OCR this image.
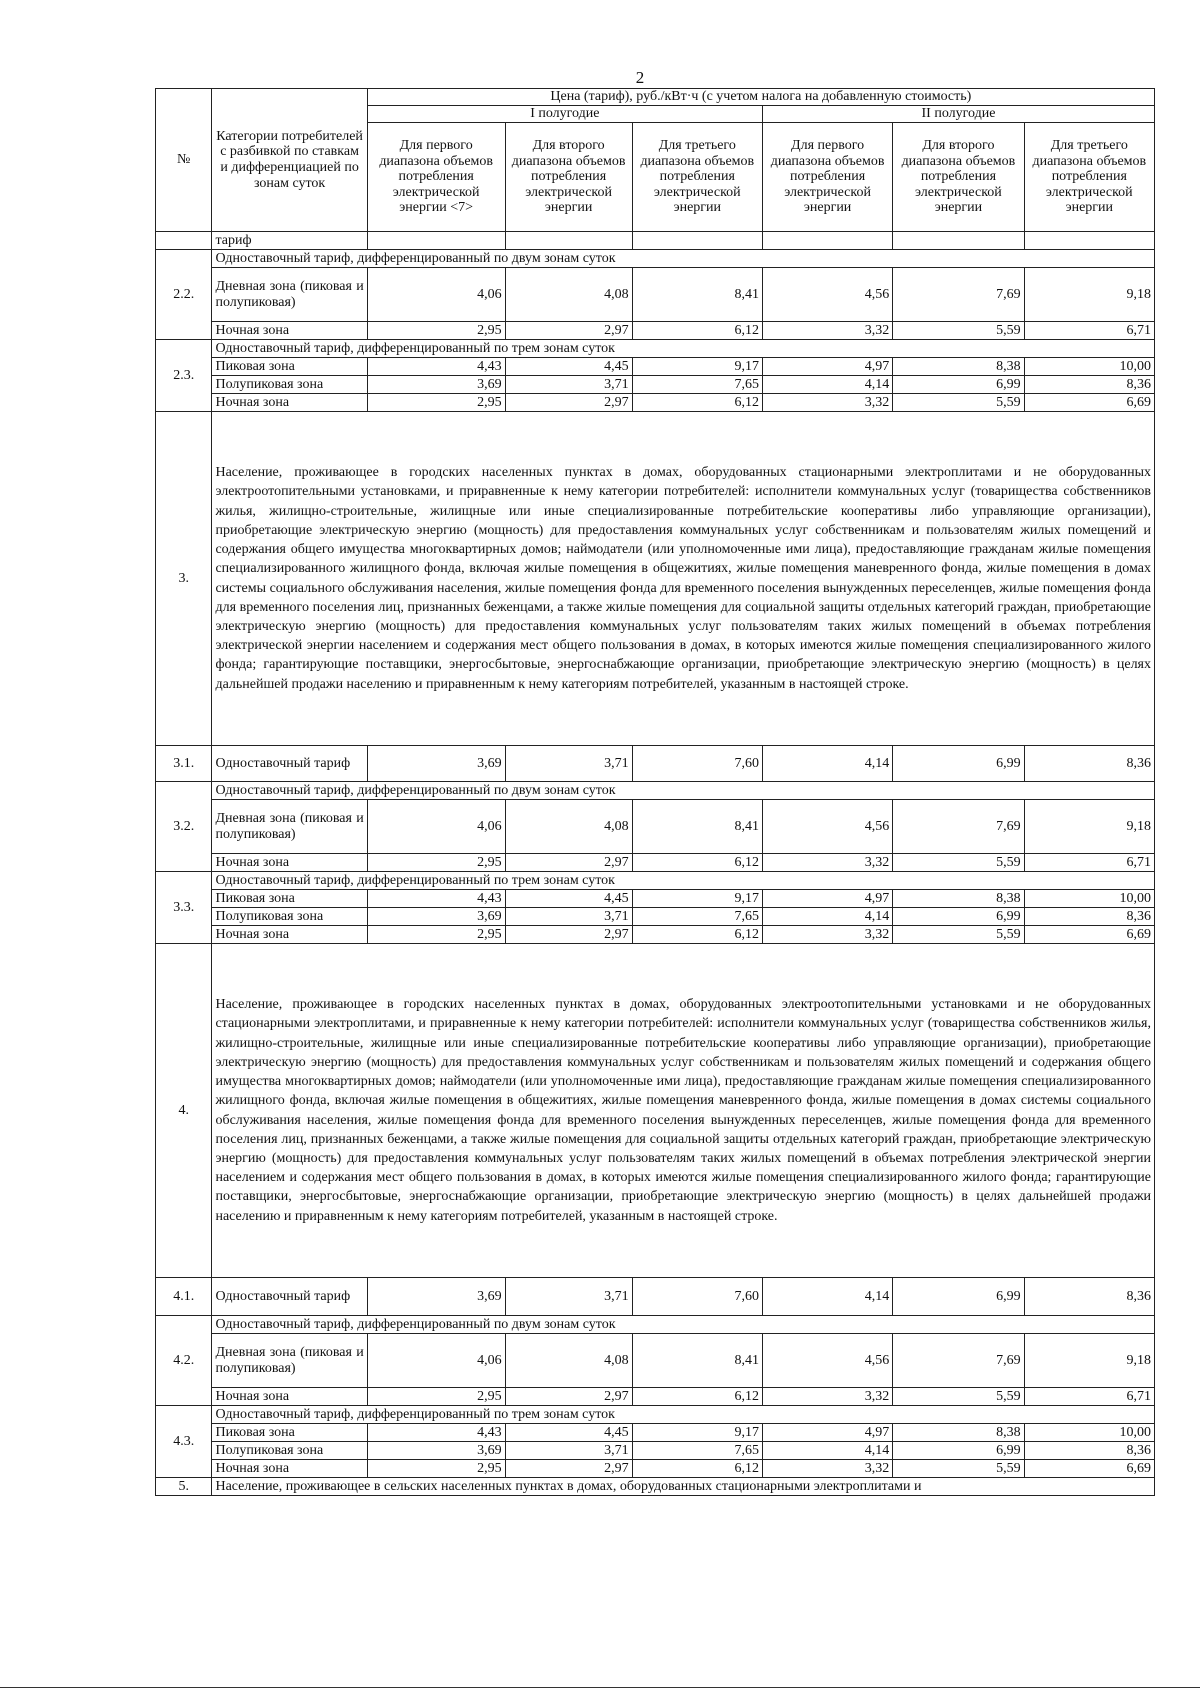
2
№	Категории потребителей с разбивкой по ставкам и дифференциацией по зонам суток	Цена (тариф), руб./кВт·ч (с учетом налога на добавленную стоимость)					
		I полугодие			II полугодие		
		Для первого диапазона объемов потребления электрической энергии <7>	Для второго диапазона объемов потребления электрической энергии	Для третьего диапазона объемов потребления электрической энергии	Для первого диапазона объемов потребления электрической энергии	Для второго диапазона объемов потребления электрической энергии	Для третьего диапазона объемов потребления электрической энергии
	тариф						
2.2.	Одноставочный тариф, дифференцированный по двум зонам суток						
	Дневная зона (пиковая и полупиковая)	4,06	4,08	8,41	4,56	7,69	9,18
	Ночная зона	2,95	2,97	6,12	3,32	5,59	6,71
2.3.	Одноставочный тариф, дифференцированный по трем зонам суток						
	Пиковая зона	4,43	4,45	9,17	4,97	8,38	10,00
	Полупиковая зона	3,69	3,71	7,65	4,14	6,99	8,36
	Ночная зона	2,95	2,97	6,12	3,32	5,59	6,69
3.	Население, проживающее в городских населенных пунктах в домах, оборудованных стационарными электроплитами и не оборудованных электроотопительными установками, и приравненные к нему категории потребителей: исполнители коммунальных услуг (товарищества собственников жилья, жилищно-строительные, жилищные или иные специализированные потребительские кооперативы либо управляющие организации), приобретающие электрическую энергию (мощность) для предоставления коммунальных услуг собственникам и пользователям жилых помещений и содержания общего имущества многоквартирных домов; наймодатели (или уполномоченные ими лица), предоставляющие гражданам жилые помещения специализированного жилищного фонда, включая жилые помещения в общежитиях, жилые помещения маневренного фонда, жилые помещения в домах системы социального обслуживания населения, жилые помещения фонда для временного поселения вынужденных переселенцев, жилые помещения фонда для временного поселения лиц, признанных беженцами, а также жилые помещения для социальной защиты отдельных категорий граждан, приобретающие электрическую энергию (мощность) для предоставления коммунальных услуг пользователям таких жилых помещений в объемах потребления электрической энергии населением и содержания мест общего пользования в домах, в которых имеются жилые помещения специализированного жилого фонда; гарантирующие поставщики, энергосбытовые, энергоснабжающие организации, приобретающие электрическую энергию (мощность) в целях дальнейшей продажи населению и приравненным к нему категориям потребителей, указанным в настоящей строке.						
3.1.	Одноставочный тариф	3,69	3,71	7,60	4,14	6,99	8,36
3.2.	Одноставочный тариф, дифференцированный по двум зонам суток						
	Дневная зона (пиковая и полупиковая)	4,06	4,08	8,41	4,56	7,69	9,18
	Ночная зона	2,95	2,97	6,12	3,32	5,59	6,71
3.3.	Одноставочный тариф, дифференцированный по трем зонам суток						
	Пиковая зона	4,43	4,45	9,17	4,97	8,38	10,00
	Полупиковая зона	3,69	3,71	7,65	4,14	6,99	8,36
	Ночная зона	2,95	2,97	6,12	3,32	5,59	6,69
4.	Население, проживающее в городских населенных пунктах в домах, оборудованных электроотопительными установками и не оборудованных стационарными электроплитами, и приравненные к нему категории потребителей: исполнители коммунальных услуг (товарищества собственников жилья, жилищно-строительные, жилищные или иные специализированные потребительские кооперативы либо управляющие организации), приобретающие электрическую энергию (мощность) для предоставления коммунальных услуг собственникам и пользователям жилых помещений и содержания общего имущества многоквартирных домов; наймодатели (или уполномоченные ими лица), предоставляющие гражданам жилые помещения специализированного жилищного фонда, включая жилые помещения в общежитиях, жилые помещения маневренного фонда, жилые помещения в домах системы социального обслуживания населения, жилые помещения фонда для временного поселения вынужденных переселенцев, жилые помещения фонда для временного поселения лиц, признанных беженцами, а также жилые помещения для социальной защиты отдельных категорий граждан, приобретающие электрическую энергию (мощность) для предоставления коммунальных услуг пользователям таких жилых помещений в объемах потребления электрической энергии населением и содержания мест общего пользования в домах, в которых имеются жилые помещения специализированного жилого фонда; гарантирующие поставщики, энергосбытовые, энергоснабжающие организации, приобретающие электрическую энергию (мощность) в целях дальнейшей продажи населению и приравненным к нему категориям потребителей, указанным в настоящей строке.						
4.1.	Одноставочный тариф	3,69	3,71	7,60	4,14	6,99	8,36
4.2.	Одноставочный тариф, дифференцированный по двум зонам суток						
	Дневная зона (пиковая и полупиковая)	4,06	4,08	8,41	4,56	7,69	9,18
	Ночная зона	2,95	2,97	6,12	3,32	5,59	6,71
4.3.	Одноставочный тариф, дифференцированный по трем зонам суток						
	Пиковая зона	4,43	4,45	9,17	4,97	8,38	10,00
	Полупиковая зона	3,69	3,71	7,65	4,14	6,99	8,36
	Ночная зона	2,95	2,97	6,12	3,32	5,59	6,69
5.	Население, проживающее в сельских населенных пунктах в домах, оборудованных стационарными электроплитами и						
